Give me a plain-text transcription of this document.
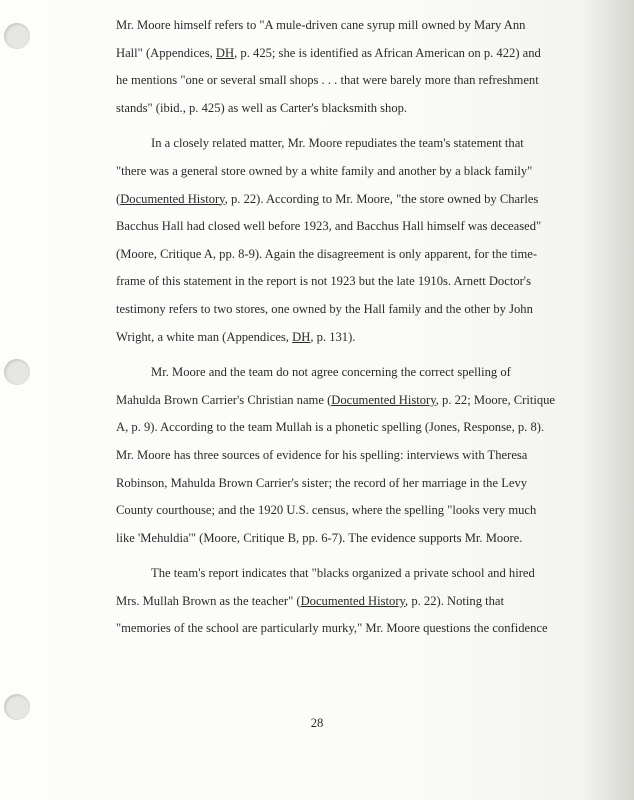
Mr. Moore himself refers to "A mule-driven cane syrup mill owned by Mary Ann
Hall" (Appendices, DH, p. 425; she is identified as African American on p. 422) and
he mentions "one or several small shops . . . that were barely more than refreshment
stands" (ibid., p. 425) as well as Carter's blacksmith shop.
In a closely related matter, Mr. Moore repudiates the team's statement that
"there was a general store owned by a white family and another by a black family"
(Documented History, p. 22). According to Mr. Moore, "the store owned by Charles
Bacchus Hall had closed well before 1923, and Bacchus Hall himself was deceased"
(Moore, Critique A, pp. 8-9). Again the disagreement is only apparent, for the time-
frame of this statement in the report is not 1923 but the late 1910s. Arnett Doctor's
testimony refers to two stores, one owned by the Hall family and the other by John
Wright, a white man (Appendices, DH, p. 131).
Mr. Moore and the team do not agree concerning the correct spelling of
Mahulda Brown Carrier's Christian name (Documented History, p. 22; Moore, Critique
A, p. 9). According to the team Mullah is a phonetic spelling (Jones, Response, p. 8).
Mr. Moore has three sources of evidence for his spelling: interviews with Theresa
Robinson, Mahulda Brown Carrier's sister; the record of her marriage in the Levy
County courthouse; and the 1920 U.S. census, where the spelling "looks very much
like 'Mehuldia'" (Moore, Critique B, pp. 6-7). The evidence supports Mr. Moore.
The team's report indicates that "blacks organized a private school and hired
Mrs. Mullah Brown as the teacher" (Documented History, p. 22). Noting that
"memories of the school are particularly murky," Mr. Moore questions the confidence
28
